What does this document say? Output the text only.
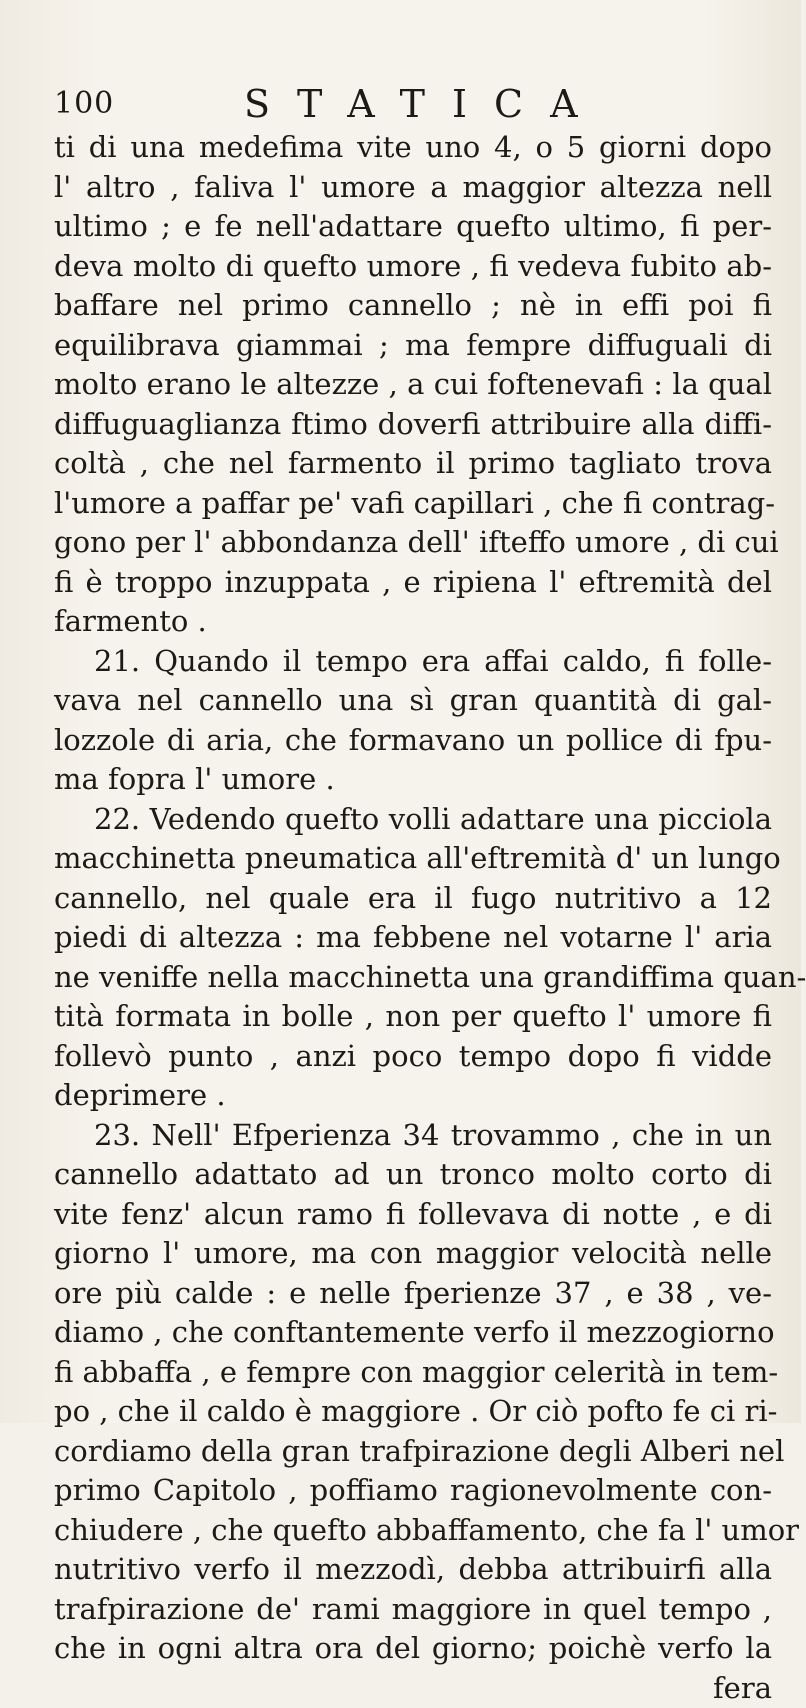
100	STATICA
ti di una medefima vite uno 4, o 5 giorni dopo
l' altro , faliva l' umore a maggior altezza nell
ultimo ; e fe nell'adattare quefto ultimo, fi per-
deva molto di quefto umore , fi vedeva fubito ab-
baffare nel primo cannello ; nè in effi poi fi
equilibrava giammai ; ma fempre diffuguali di
molto erano le altezze , a cui foftenevafi : la qual
diffuguaglianza ftimo doverfi attribuire alla diffi-
coltà , che nel farmento il primo tagliato trova
l'umore a paffar pe' vafi capillari , che fi contrag-
gono per l' abbondanza dell' ifteffo umore , di cui
fi è troppo inzuppata , e ripiena l' eftremità del
farmento .
21. Quando il tempo era affai caldo, fi folle-
vava nel cannello una sì gran quantità di gal-
lozzole di aria, che formavano un pollice di fpu-
ma fopra l' umore .
22. Vedendo quefto volli adattare una picciola
macchinetta pneumatica all'eftremità d' un lungo
cannello, nel quale era il fugo nutritivo a 12
piedi di altezza : ma febbene nel votarne l' aria
ne veniffe nella macchinetta una grandiffima quan-
tità formata in bolle , non per quefto l' umore fi
follevò punto , anzi poco tempo dopo fi vidde
deprimere .
23. Nell' Efperienza 34 trovammo , che in un
cannello adattato ad un tronco molto corto di
vite fenz' alcun ramo fi follevava di notte , e di
giorno l' umore, ma con maggior velocità nelle
ore più calde : e nelle fperienze 37 , e 38 , ve-
diamo , che conftantemente verfo il mezzogiorno
fi abbaffa , e fempre con maggior celerità in tem-
po , che il caldo è maggiore . Or ciò pofto fe ci ri-
cordiamo della gran trafpirazione degli Alberi nel
primo Capitolo , poffiamo ragionevolmente con-
chiudere , che quefto abbaffamento, che fa l' umor
nutritivo verfo il mezzodì, debba attribuirfi alla
trafpirazione de' rami maggiore in quel tempo ,
che in ogni altra ora del giorno; poichè verfo la
fera
